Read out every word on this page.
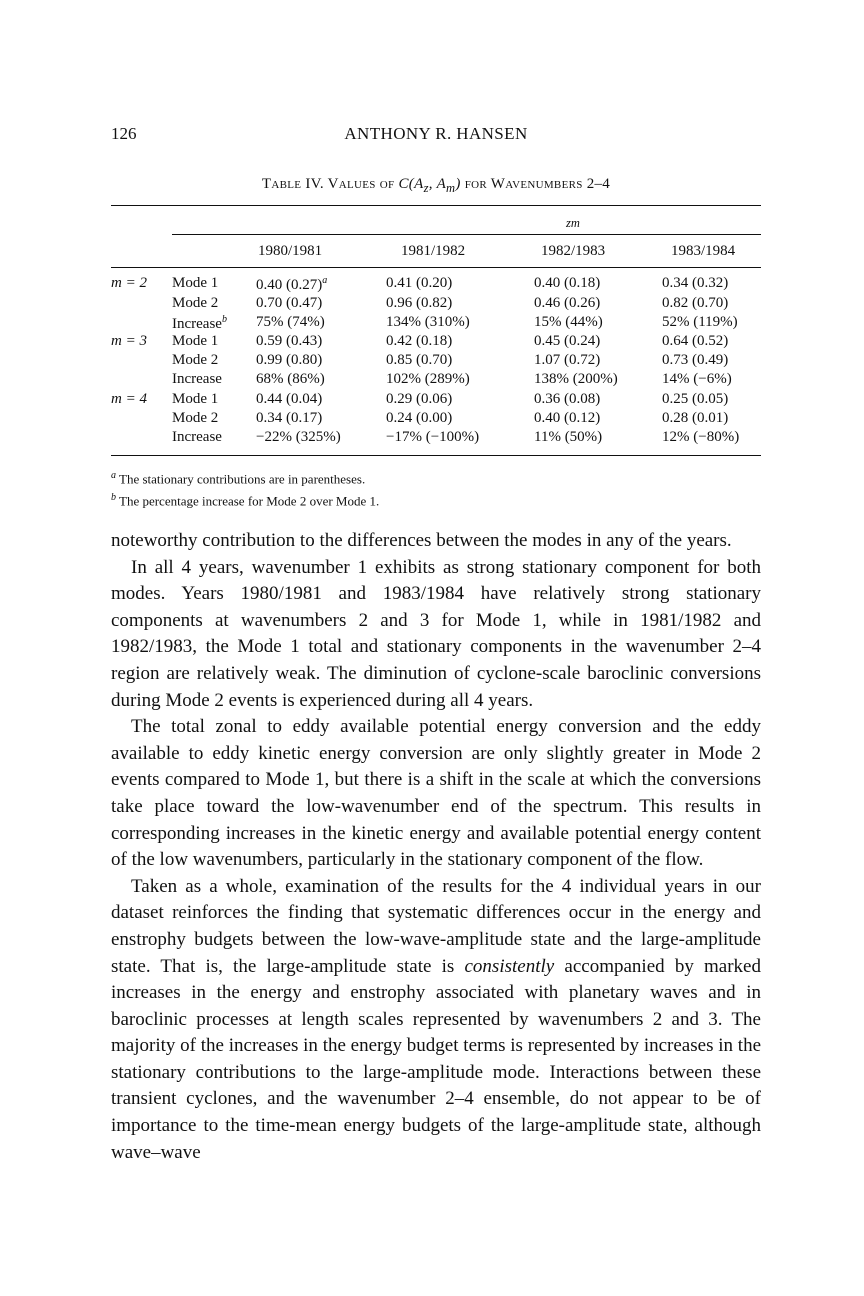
126	ANTHONY R. HANSEN
Table IV. Values of $C(A_z$, $A_m$) for Wavenumbers 2–4
$_z$
$_m$
1980/1981	1981/1982	1982/1983	1983/1984
m = 2 Mode 1	0.40 $(0.27)^a$	0.41 (0.20)	0.40 (0.18)	0.34 (0.32)
Mode 2	0.70 (0.47)	0.96 (0.82)	0.46 (0.26)	0.82 (0.70)
Increase$^b$ 75% (74%)	134% (310%)	15% (44%)	52% (119%)
m = 3 Mode 1	0.59 (0.43)	0.42 (0.18)	0.45 (0.24)	0.64 (0.52)
Mode 2	0.99 (0.80)	0.85 (0.70)	1.07 (0.72)	0.73 (0.49)
Increase 68% (86%)	102% (289%)	138% (200%)	14% (−6%)
m = 4 Mode 1	0.44 (0.04)	0.29 (0.06)	0.36 (0.08)	0.25 (0.05)
Mode 2	0.34 (0.17)	0.24 (0.00)	0.40 (0.12)	0.28 (0.01)
Increase −22% (325%)	−17% (−100%)	11% (50%)	12% (−80%)
$^a$ The stationary contributions are in parentheses.
$^b$ The percentage increase for Mode 2 over Mode 1.

noteworthy contribution to the differences between the modes in any of the years.

In all 4 years, wavenumber 1 exhibits as strong stationary component for both modes. Years 1980/1981 and 1983/1984 have relatively strong stationary components at wavenumbers 2 and 3 for Mode 1, while in 1981/1982 and 1982/1983, the Mode 1 total and stationary components in the wavenumber 2–4 region are relatively weak. The diminution of cyclone-scale baroclinic conversions during Mode 2 events is experienced during all 4 years.

The total zonal to eddy available potential energy conversion and the eddy available to eddy kinetic energy conversion are only slightly greater in Mode 2 events compared to Mode 1, but there is a shift in the scale at which the conversions take place toward the low-wavenumber end of the spectrum. This results in corresponding increases in the kinetic energy and available potential energy content of the low wavenumbers, particularly in the stationary component of the flow.

Taken as a whole, examination of the results for the 4 individual years in our dataset reinforces the finding that systematic differences occur in the energy and enstrophy budgets between the low-wave-amplitude state and the large-amplitude state. That is, the large-amplitude state is consistently accompanied by marked increases in the energy and enstrophy associated with planetary waves and in baroclinic processes at length scales represented by wavenumbers 2 and 3. The majority of the increases in the energy budget terms is represented by increases in the stationary contributions to the large-amplitude mode. Interactions between these transient cyclones, and the wavenumber 2–4 ensemble, do not appear to be of importance to the time-mean energy budgets of the large-amplitude state, although wave–wave
